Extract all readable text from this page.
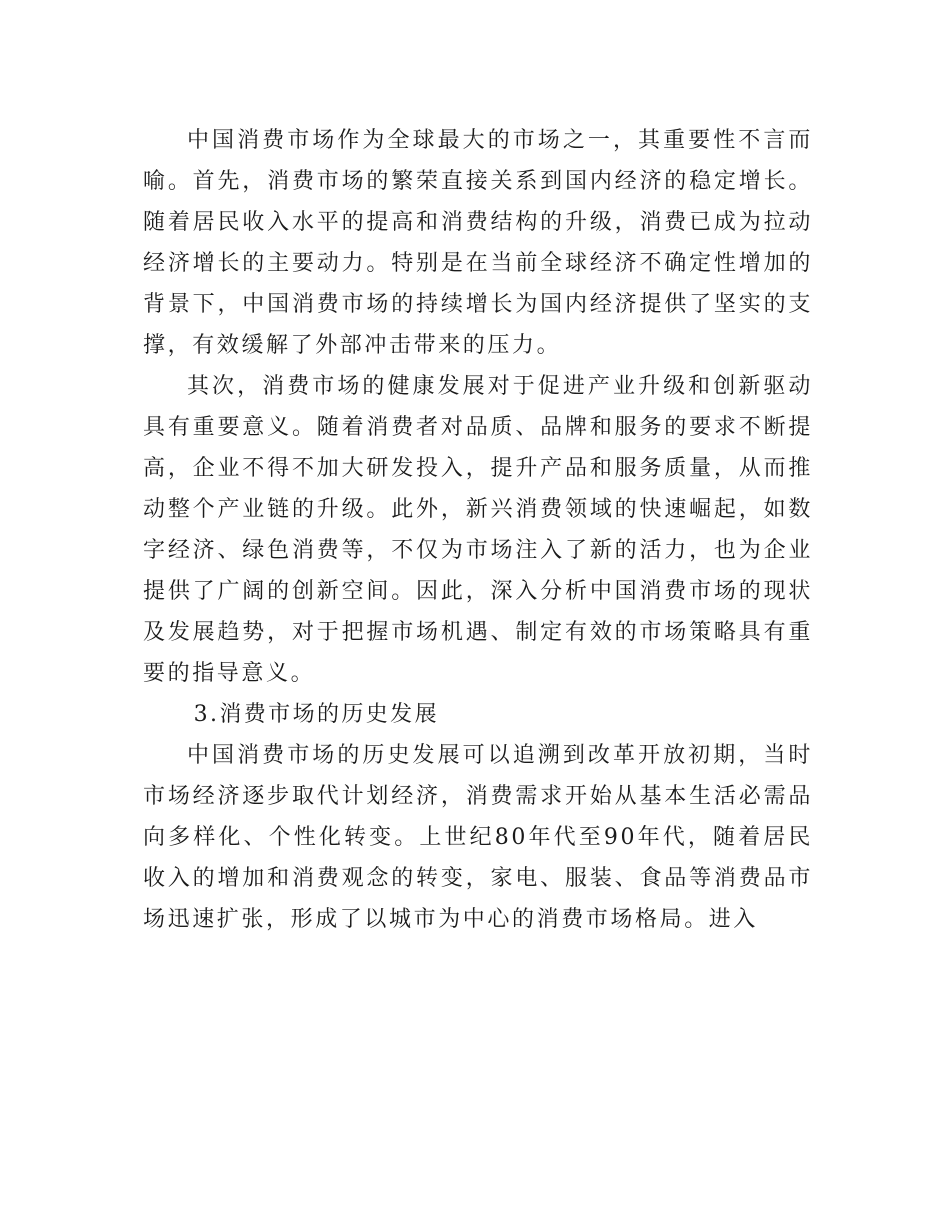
中国消费市场作为全球最大的市场之一，其重要性不言而喻。首先，消费市场的繁荣直接关系到国内经济的稳定增长。随着居民收入水平的提高和消费结构的升级，消费已成为拉动经济增长的主要动力。特别是在当前全球经济不确定性增加的背景下，中国消费市场的持续增长为国内经济提供了坚实的支撑，有效缓解了外部冲击带来的压力。

其次，消费市场的健康发展对于促进产业升级和创新驱动具有重要意义。随着消费者对品质、品牌和服务的要求不断提高，企业不得不加大研发投入，提升产品和服务质量，从而推动整个产业链的升级。此外，新兴消费领域的快速崛起，如数字经济、绿色消费等，不仅为市场注入了新的活力，也为企业提供了广阔的创新空间。因此，深入分析中国消费市场的现状及发展趋势，对于把握市场机遇、制定有效的市场策略具有重要的指导意义。

3.消费市场的历史发展

中国消费市场的历史发展可以追溯到改革开放初期，当时市场经济逐步取代计划经济，消费需求开始从基本生活必需品向多样化、个性化转变。上世纪80年代至90年代，随着居民收入的增加和消费观念的转变，家电、服装、食品等消费品市场迅速扩张，形成了以城市为中心的消费市场格局。进入
